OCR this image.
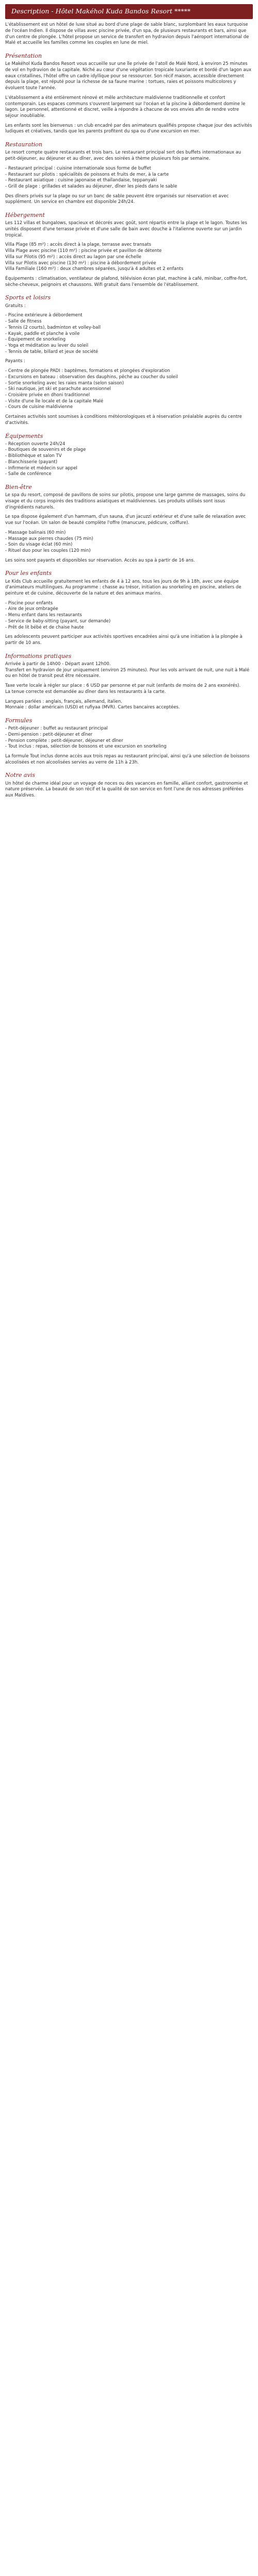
Description - Hôtel Makéhol Kuda Bandos Resort *****

L'établissement est un hôtel de luxe situé au bord d'une plage de sable blanc, surplombant les eaux turquoise de l'océan Indien. Il dispose de villas avec piscine privée, d'un spa, de plusieurs restaurants et bars, ainsi que d'un centre de plongée. L'hôtel propose un service de transfert en hydravion depuis l'aéroport international de Malé et accueille les familles comme les couples en lune de miel.

Présentation

Le Makéhol Kuda Bandos Resort vous accueille sur une île privée de l'atoll de Malé Nord, à environ 25 minutes de vol en hydravion de la capitale. Niché au cœur d'une végétation tropicale luxuriante et bordé d'un lagon aux eaux cristallines, l'hôtel offre un cadre idyllique pour se ressourcer. Son récif maison, accessible directement depuis la plage, est réputé pour la richesse de sa faune marine : tortues, raies et poissons multicolores y évoluent toute l'année.

L'établissement a été entièrement rénové et mêle architecture maldivienne traditionnelle et confort contemporain. Les espaces communs s'ouvrent largement sur l'océan et la piscine à débordement domine le lagon. Le personnel, attentionné et discret, veille à répondre à chacune de vos envies afin de rendre votre séjour inoubliable.

Les enfants sont les bienvenus : un club encadré par des animateurs qualifiés propose chaque jour des activités ludiques et créatives, tandis que les parents profitent du spa ou d'une excursion en mer.

Restauration

Le resort compte quatre restaurants et trois bars. Le restaurant principal sert des buffets internationaux au petit-déjeuner, au déjeuner et au dîner, avec des soirées à thème plusieurs fois par semaine.

- Restaurant principal : cuisine internationale sous forme de buffet
- Restaurant sur pilotis : spécialités de poissons et fruits de mer, à la carte
- Restaurant asiatique : cuisine japonaise et thaïlandaise, teppanyaki
- Grill de plage : grillades et salades au déjeuner, dîner les pieds dans le sable

Des dîners privés sur la plage ou sur un banc de sable peuvent être organisés sur réservation et avec supplément. Un service en chambre est disponible 24h/24.

Hébergement

Les 112 villas et bungalows, spacieux et décorés avec goût, sont répartis entre la plage et le lagon. Toutes les unités disposent d'une terrasse privée et d'une salle de bain avec douche à l'italienne ouverte sur un jardin tropical.

Villa Plage (85 m²) : accès direct à la plage, terrasse avec transats
Villa Plage avec piscine (110 m²) : piscine privée et pavillon de détente
Villa sur Pilotis (95 m²) : accès direct au lagon par une échelle
Villa sur Pilotis avec piscine (130 m²) : piscine à débordement privée
Villa Familiale (160 m²) : deux chambres séparées, jusqu'à 4 adultes et 2 enfants

Équipements : climatisation, ventilateur de plafond, télévision écran plat, machine à café, minibar, coffre-fort, sèche-cheveux, peignoirs et chaussons. Wifi gratuit dans l'ensemble de l'établissement.

Sports et loisirs

Gratuits :

- Piscine extérieure à débordement
- Salle de fitness
- Tennis (2 courts), badminton et volley-ball
- Kayak, paddle et planche à voile
- Équipement de snorkeling
- Yoga et méditation au lever du soleil
- Tennis de table, billard et jeux de société

Payants :

- Centre de plongée PADI : baptêmes, formations et plongées d'exploration
- Excursions en bateau : observation des dauphins, pêche au coucher du soleil
- Sortie snorkeling avec les raies manta (selon saison)
- Ski nautique, jet ski et parachute ascensionnel
- Croisière privée en dhoni traditionnel
- Visite d'une île locale et de la capitale Malé
- Cours de cuisine maldivienne

Certaines activités sont soumises à conditions météorologiques et à réservation préalable auprès du centre d'activités.

Équipements
- Réception ouverte 24h/24
- Boutiques de souvenirs et de plage
- Bibliothèque et salon TV
- Blanchisserie (payant)
- Infirmerie et médecin sur appel
- Salle de conférence
Bien-être

Le spa du resort, composé de pavillons de soins sur pilotis, propose une large gamme de massages, soins du visage et du corps inspirés des traditions asiatiques et maldiviennes. Les produits utilisés sont issus d'ingrédients naturels.

Le spa dispose également d'un hammam, d'un sauna, d'un jacuzzi extérieur et d'une salle de relaxation avec vue sur l'océan. Un salon de beauté complète l'offre (manucure, pédicure, coiffure).

- Massage balinais (60 min)
- Massage aux pierres chaudes (75 min)
- Soin du visage éclat (60 min)
- Rituel duo pour les couples (120 min)

Les soins sont payants et disponibles sur réservation. Accès au spa à partir de 16 ans.

Pour les enfants

Le Kids Club accueille gratuitement les enfants de 4 à 12 ans, tous les jours de 9h à 18h, avec une équipe d'animateurs multilingues. Au programme : chasse au trésor, initiation au snorkeling en piscine, ateliers de peinture et de cuisine, découverte de la nature et des animaux marins.

- Piscine pour enfants
- Aire de jeux ombragée
- Menu enfant dans les restaurants
- Service de baby-sitting (payant, sur demande)
- Prêt de lit bébé et de chaise haute

Les adolescents peuvent participer aux activités sportives encadrées ainsi qu'à une initiation à la plongée à partir de 10 ans.

Informations pratiques

Arrivée à partir de 14h00 - Départ avant 12h00.
Transfert en hydravion de jour uniquement (environ 25 minutes). Pour les vols arrivant de nuit, une nuit à Malé ou en hôtel de transit peut être nécessaire.

Taxe verte locale à régler sur place : 6 USD par personne et par nuit (enfants de moins de 2 ans exonérés).
La tenue correcte est demandée au dîner dans les restaurants à la carte.

Langues parlées : anglais, français, allemand, italien.
Monnaie : dollar américain (USD) et rufiyaa (MVR). Cartes bancaires acceptées.

Formules
- Petit-déjeuner : buffet au restaurant principal
- Demi-pension : petit-déjeuner et dîner
- Pension complète : petit-déjeuner, déjeuner et dîner
- Tout inclus : repas, sélection de boissons et une excursion en snorkeling

La formule Tout inclus donne accès aux trois repas au restaurant principal, ainsi qu'à une sélection de boissons alcoolisées et non alcoolisées servies au verre de 11h à 23h.

Notre avis

Un hôtel de charme idéal pour un voyage de noces ou des vacances en famille, alliant confort, gastronomie et nature préservée. La beauté de son récif et la qualité de son service en font l'une de nos adresses préférées aux Maldives.
